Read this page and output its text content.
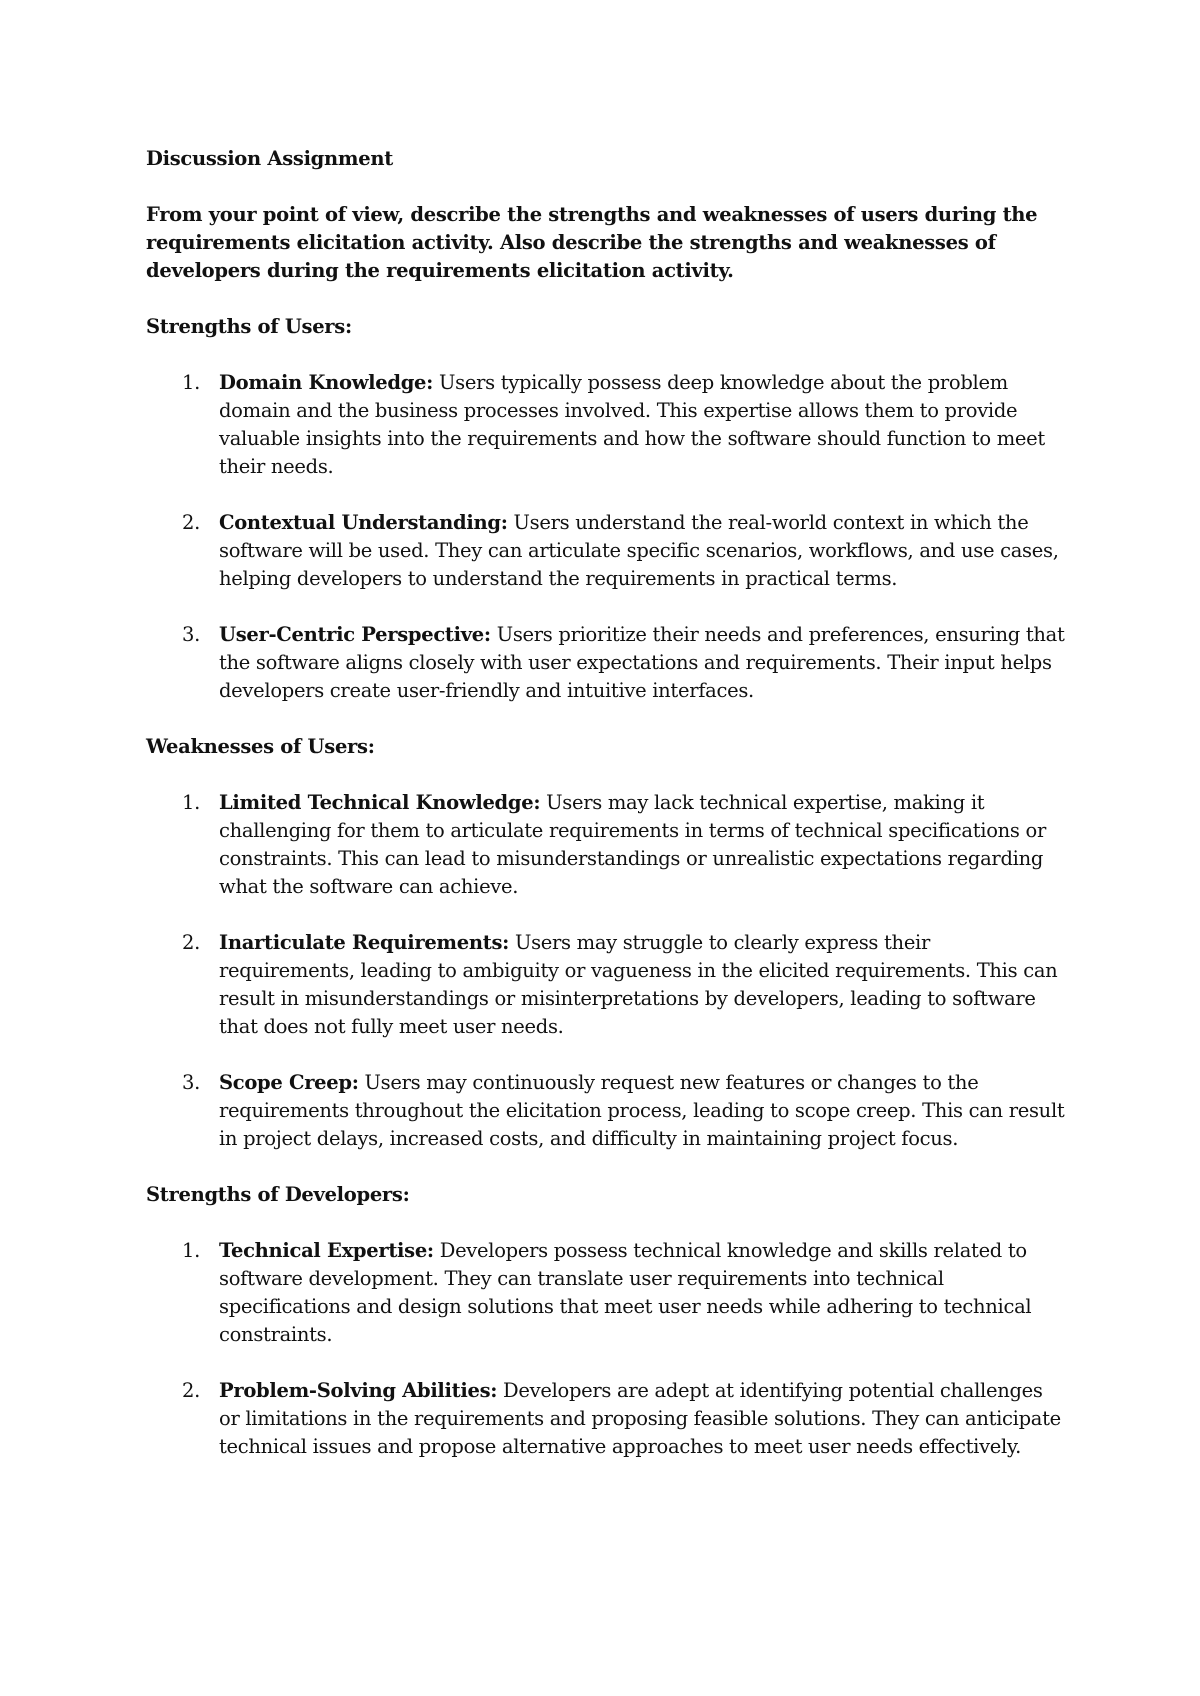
Discussion Assignment

From your point of view, describe the strengths and weaknesses of users during the requirements elicitation activity. Also describe the strengths and weaknesses of developers during the requirements elicitation activity.

Strengths of Users:

1. Domain Knowledge: Users typically possess deep knowledge about the problem domain and the business processes involved. This expertise allows them to provide valuable insights into the requirements and how the software should function to meet their needs.
2. Contextual Understanding: Users understand the real-world context in which the software will be used. They can articulate specific scenarios, workflows, and use cases, helping developers to understand the requirements in practical terms.
3. User-Centric Perspective: Users prioritize their needs and preferences, ensuring that the software aligns closely with user expectations and requirements. Their input helps developers create user-friendly and intuitive interfaces.

Weaknesses of Users:

1. Limited Technical Knowledge: Users may lack technical expertise, making it challenging for them to articulate requirements in terms of technical specifications or constraints. This can lead to misunderstandings or unrealistic expectations regarding what the software can achieve.
2. Inarticulate Requirements: Users may struggle to clearly express their requirements, leading to ambiguity or vagueness in the elicited requirements. This can result in misunderstandings or misinterpretations by developers, leading to software that does not fully meet user needs.
3. Scope Creep: Users may continuously request new features or changes to the requirements throughout the elicitation process, leading to scope creep. This can result in project delays, increased costs, and difficulty in maintaining project focus.

Strengths of Developers:

1. Technical Expertise: Developers possess technical knowledge and skills related to software development. They can translate user requirements into technical specifications and design solutions that meet user needs while adhering to technical constraints.
2. Problem-Solving Abilities: Developers are adept at identifying potential challenges or limitations in the requirements and proposing feasible solutions. They can anticipate technical issues and propose alternative approaches to meet user needs effectively.
